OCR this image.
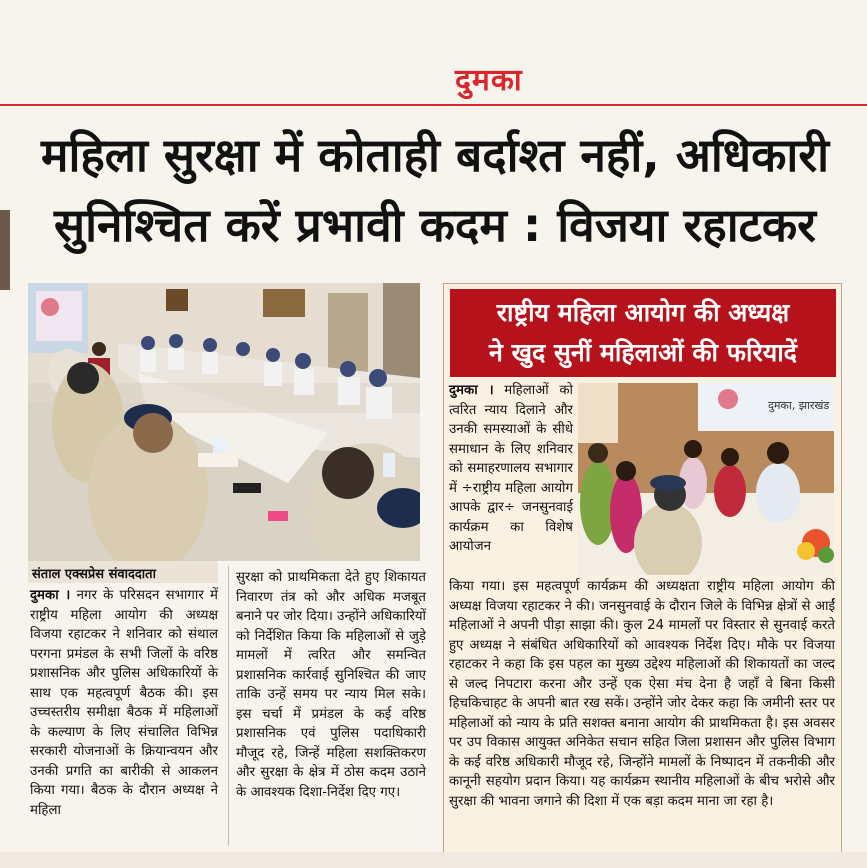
दुमका
महिला सुरक्षा में कोताही बर्दाश्त नहीं, अधिकारी
सुनिश्चित करें प्रभावी कदम : विजया रहाटकर
संताल एक्सप्रेस संवाददाता
दुमका । नगर के परिसदन सभागार में राष्ट्रीय महिला आयोग की अध्यक्ष विजया रहाटकर ने शनिवार को संथाल परगना प्रमंडल के सभी जिलों के वरिष्ठ प्रशासनिक और पुलिस अधिकारियों के साथ एक महत्वपूर्ण बैठक की। इस उच्चस्तरीय समीक्षा बैठक में महिलाओं के कल्याण के लिए संचालित विभिन्न सरकारी योजनाओं के क्रियान्वयन और उनकी प्रगति का बारीकी से आकलन किया गया। बैठक के दौरान अध्यक्ष ने महिला
सुरक्षा को प्राथमिकता देते हुए शिकायत निवारण तंत्र को और अधिक मजबूत बनाने पर जोर दिया। उन्होंने अधिकारियों को निर्देशित किया कि महिलाओं से जुड़े मामलों में त्वरित और समन्वित प्रशासनिक कार्रवाई सुनिश्चित की जाए ताकि उन्हें समय पर न्याय मिल सके। इस चर्चा में प्रमंडल के कई वरिष्ठ प्रशासनिक एवं पुलिस पदाधिकारी मौजूद रहे, जिन्हें महिला सशक्तिकरण और सुरक्षा के क्षेत्र में ठोस कदम उठाने के आवश्यक दिशा-निर्देश दिए गए।
राष्ट्रीय महिला आयोग की अध्यक्ष
ने खुद सुनीं महिलाओं की फरियादें
दुमका । महिलाओं को त्वरित न्याय दिलाने और उनकी समस्याओं के सीधे समाधान के लिए शनिवार को समाहरणालय सभागार में ÷राष्ट्रीय महिला आयोग आपके द्वार÷ जनसुनवाई कार्यक्रम का विशेष आयोजन
दुमका, झारखंड
किया गया। इस महत्वपूर्ण कार्यक्रम की अध्यक्षता राष्ट्रीय महिला आयोग की अध्यक्ष विजया रहाटकर ने की। जनसुनवाई के दौरान जिले के विभिन्न क्षेत्रों से आईं महिलाओं ने अपनी पीड़ा साझा की। कुल 24 मामलों पर विस्तार से सुनवाई करते हुए अध्यक्ष ने संबंधित अधिकारियों को आवश्यक निर्देश दिए। मौके पर विजया रहाटकर ने कहा कि इस पहल का मुख्य उद्देश्य महिलाओं की शिकायतों का जल्द से जल्द निपटारा करना और उन्हें एक ऐसा मंच देना है जहाँ वे बिना किसी हिचकिचाहट के अपनी बात रख सकें। उन्होंने जोर देकर कहा कि जमीनी स्तर पर महिलाओं को न्याय के प्रति सशक्त बनाना आयोग की प्राथमिकता है। इस अवसर पर उप विकास आयुक्त अनिकेत सचान सहित जिला प्रशासन और पुलिस विभाग के कई वरिष्ठ अधिकारी मौजूद रहे, जिन्होंने मामलों के निष्पादन में तकनीकी और कानूनी सहयोग प्रदान किया। यह कार्यक्रम स्थानीय महिलाओं के बीच भरोसे और सुरक्षा की भावना जगाने की दिशा में एक बड़ा कदम माना जा रहा है।
